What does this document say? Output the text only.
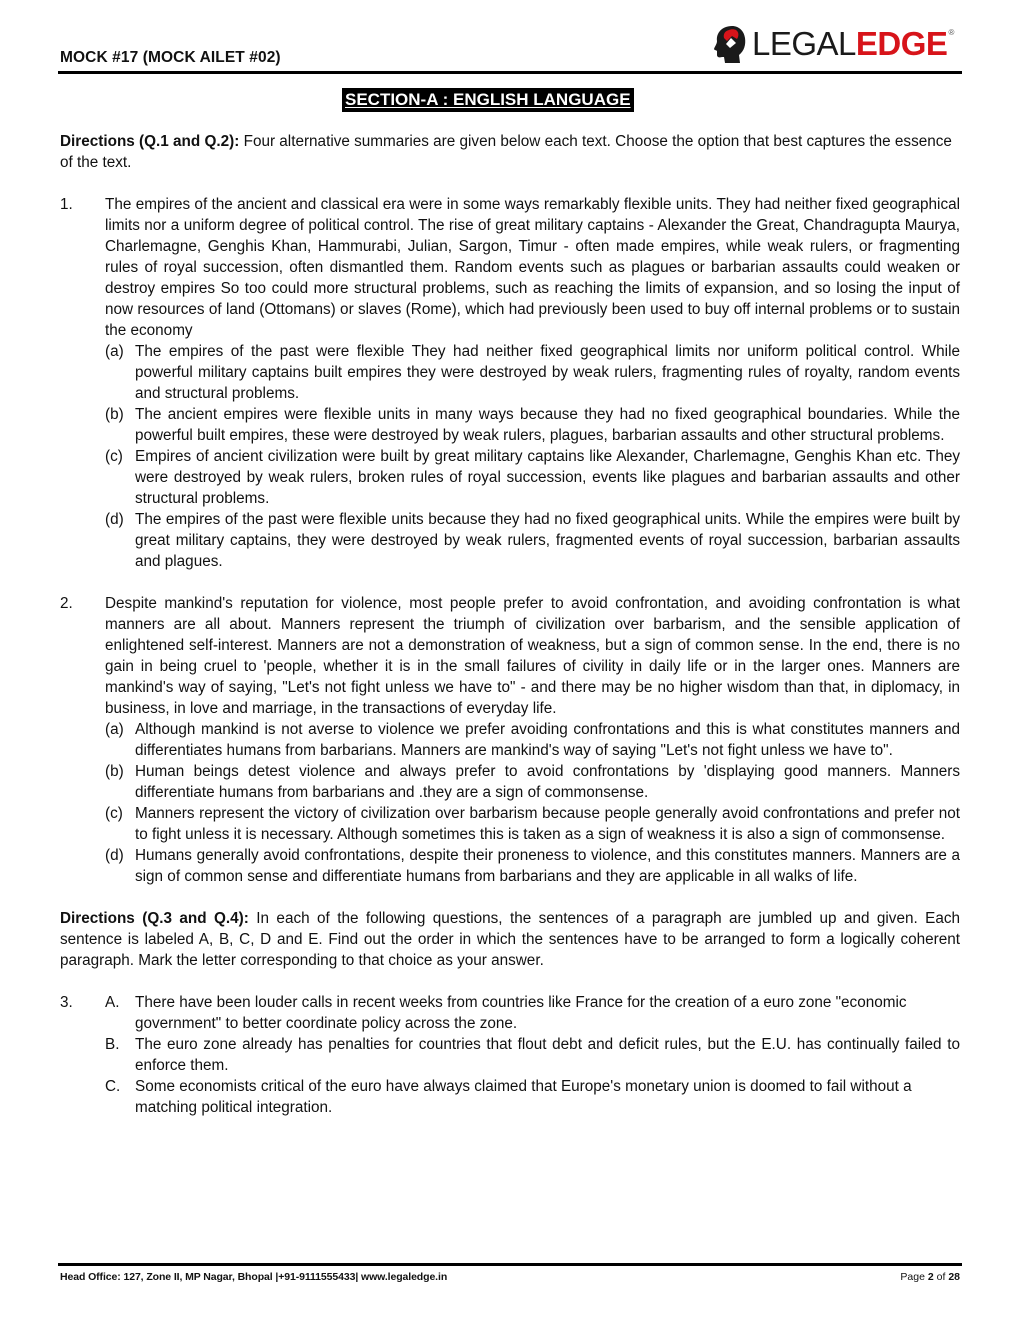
MOCK #17 (MOCK AILET #02)	LEGAL EDGE ®
SECTION-A : ENGLISH LANGUAGE

Directions (Q.1 and Q.2): Four alternative summaries are given below each text. Choose the option that best captures the essence of the text.

1. The empires of the ancient and classical era were in some ways remarkably flexible units. They had neither fixed geographical limits nor a uniform degree of political control. The rise of great military captains - Alexander the Great, Chandragupta Maurya, Charlemagne, Genghis Khan, Hammurabi, Julian, Sargon, Timur - often made empires, while weak rulers, or fragmenting rules of royal succession, often dismantled them. Random events such as plagues or barbarian assaults could weaken or destroy empires So too could more structural problems, such as reaching the limits of expansion, and so losing the input of now resources of land (Ottomans) or slaves (Rome), which had previously been used to buy off internal problems or to sustain the economy

(a) The empires of the past were flexible They had neither fixed geographical limits nor uniform political control. While powerful military captains built empires they were destroyed by weak rulers, fragmenting rules of royalty, random events and structural problems.

(b) The ancient empires were flexible units in many ways because they had no fixed geographical boundaries. While the powerful built empires, these were destroyed by weak rulers, plagues, barbarian assaults and other structural problems.

(c) Empires of ancient civilization were built by great military captains like Alexander, Charlemagne, Genghis Khan etc. They were destroyed by weak rulers, broken rules of royal succession, events like plagues and barbarian assaults and other structural problems.

(d) The empires of the past were flexible units because they had no fixed geographical units. While the empires were built by great military captains, they were destroyed by weak rulers, fragmented events of royal succession, barbarian assaults and plagues.

2. Despite mankind's reputation for violence, most people prefer to avoid confrontation, and avoiding confrontation is what manners are all about. Manners represent the triumph of civilization over barbarism, and the sensible application of enlightened self-interest. Manners are not a demonstration of weakness, but a sign of common sense. In the end, there is no gain in being cruel to 'people, whether it is in the small failures of civility in daily life or in the larger ones. Manners are mankind's way of saying, "Let's not fight unless we have to" - and there may be no higher wisdom than that, in diplomacy, in business, in love and marriage, in the transactions of everyday life.

(a) Although mankind is not averse to violence we prefer avoiding confrontations and this is what constitutes manners and differentiates humans from barbarians. Manners are mankind's way of saying "Let's not fight unless we have to".

(b) Human beings detest violence and always prefer to avoid confrontations by 'displaying good manners. Manners differentiate humans from barbarians and .they are a sign of commonsense.

(c) Manners represent the victory of civilization over barbarism because people generally avoid confrontations and prefer not to fight unless it is necessary. Although sometimes this is taken as a sign of weakness it is also a sign of commonsense.

(d) Humans generally avoid confrontations, despite their proneness to violence, and this constitutes manners. Manners are a sign of common sense and differentiate humans from barbarians and they are applicable in all walks of life.

Directions (Q.3 and Q.4): In each of the following questions, the sentences of a paragraph are jumbled up and given. Each sentence is labeled A, B, C, D and E. Find out the order in which the sentences have to be arranged to form a logically coherent paragraph. Mark the letter corresponding to that choice as your answer.

3. A. There have been louder calls in recent weeks from countries like France for the creation of a euro zone "economic government" to better coordinate policy across the zone.

B. The euro zone already has penalties for countries that flout debt and deficit rules, but the E.U. has continually failed to enforce them.

C. Some economists critical of the euro have always claimed that Europe's monetary union is doomed to fail without a matching political integration.

Head Office: 127, Zone II, MP Nagar, Bhopal |+91-9111555433| www.legaledge.in	Page 2 of 28
